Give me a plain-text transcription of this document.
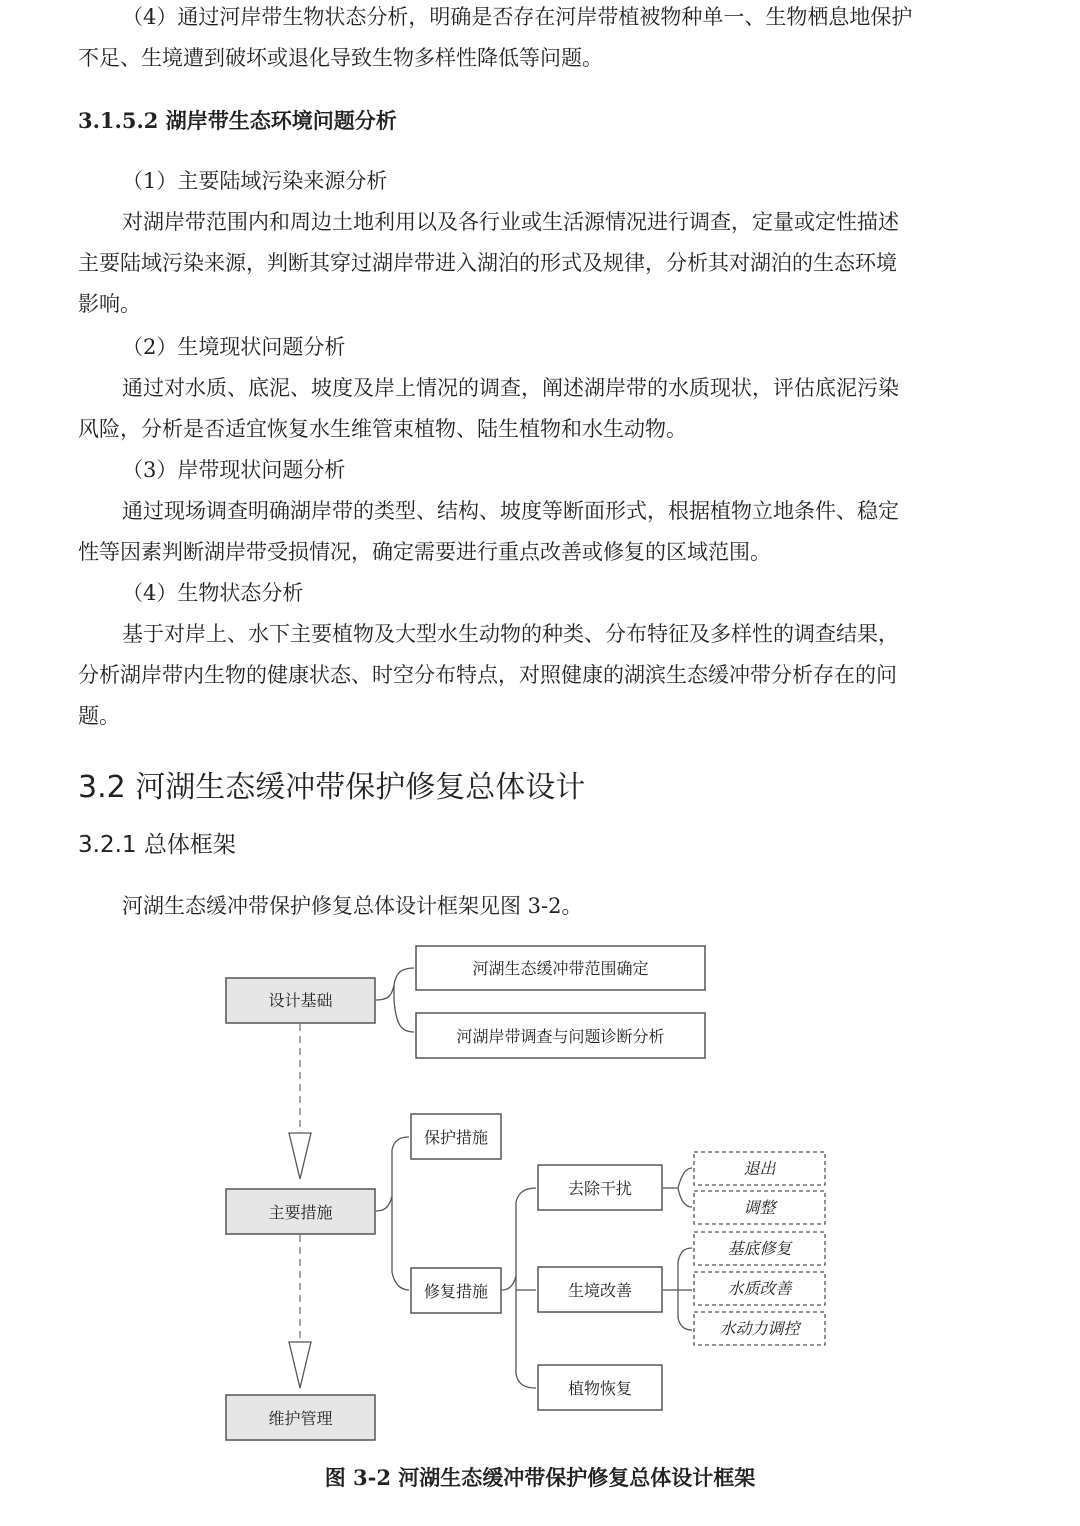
（4）通过河岸带生物状态分析，明确是否存在河岸带植被物种单一、生物栖息地保护
不足、生境遭到破坏或退化导致生物多样性降低等问题。

3.1.5.2 湖岸带生态环境问题分析
（1）主要陆域污染来源分析

对湖岸带范围内和周边土地利用以及各行业或生活源情况进行调查，定量或定性描述
主要陆域污染来源，判断其穿过湖岸带进入湖泊的形式及规律，分析其对湖泊的生态环境
影响。

（2）生境现状问题分析

通过对水质、底泥、坡度及岸上情况的调查，阐述湖岸带的水质现状，评估底泥污染
风险，分析是否适宜恢复水生维管束植物、陆生植物和水生动物。

（3）岸带现状问题分析

通过现场调查明确湖岸带的类型、结构、坡度等断面形式，根据植物立地条件、稳定
性等因素判断湖岸带受损情况，确定需要进行重点改善或修复的区域范围。

（4）生物状态分析

基于对岸上、水下主要植物及大型水生动物的种类、分布特征及多样性的调查结果，
分析湖岸带内生物的健康状态、时空分布特点，对照健康的湖滨生态缓冲带分析存在的问
题。

3.2 河湖生态缓冲带保护修复总体设计
3.2.1 总体框架
河湖生态缓冲带保护修复总体设计框架见图 3-2。
设计基础
河湖生态缓冲带范围确定
河湖岸带调查与问题诊断分析
主要措施
保护措施
修复措施
去除干扰
生境改善
植物恢复
退出
调整
基底修复
水质改善
水动力调控
维护管理
图 3-2 河湖生态缓冲带保护修复总体设计框架
